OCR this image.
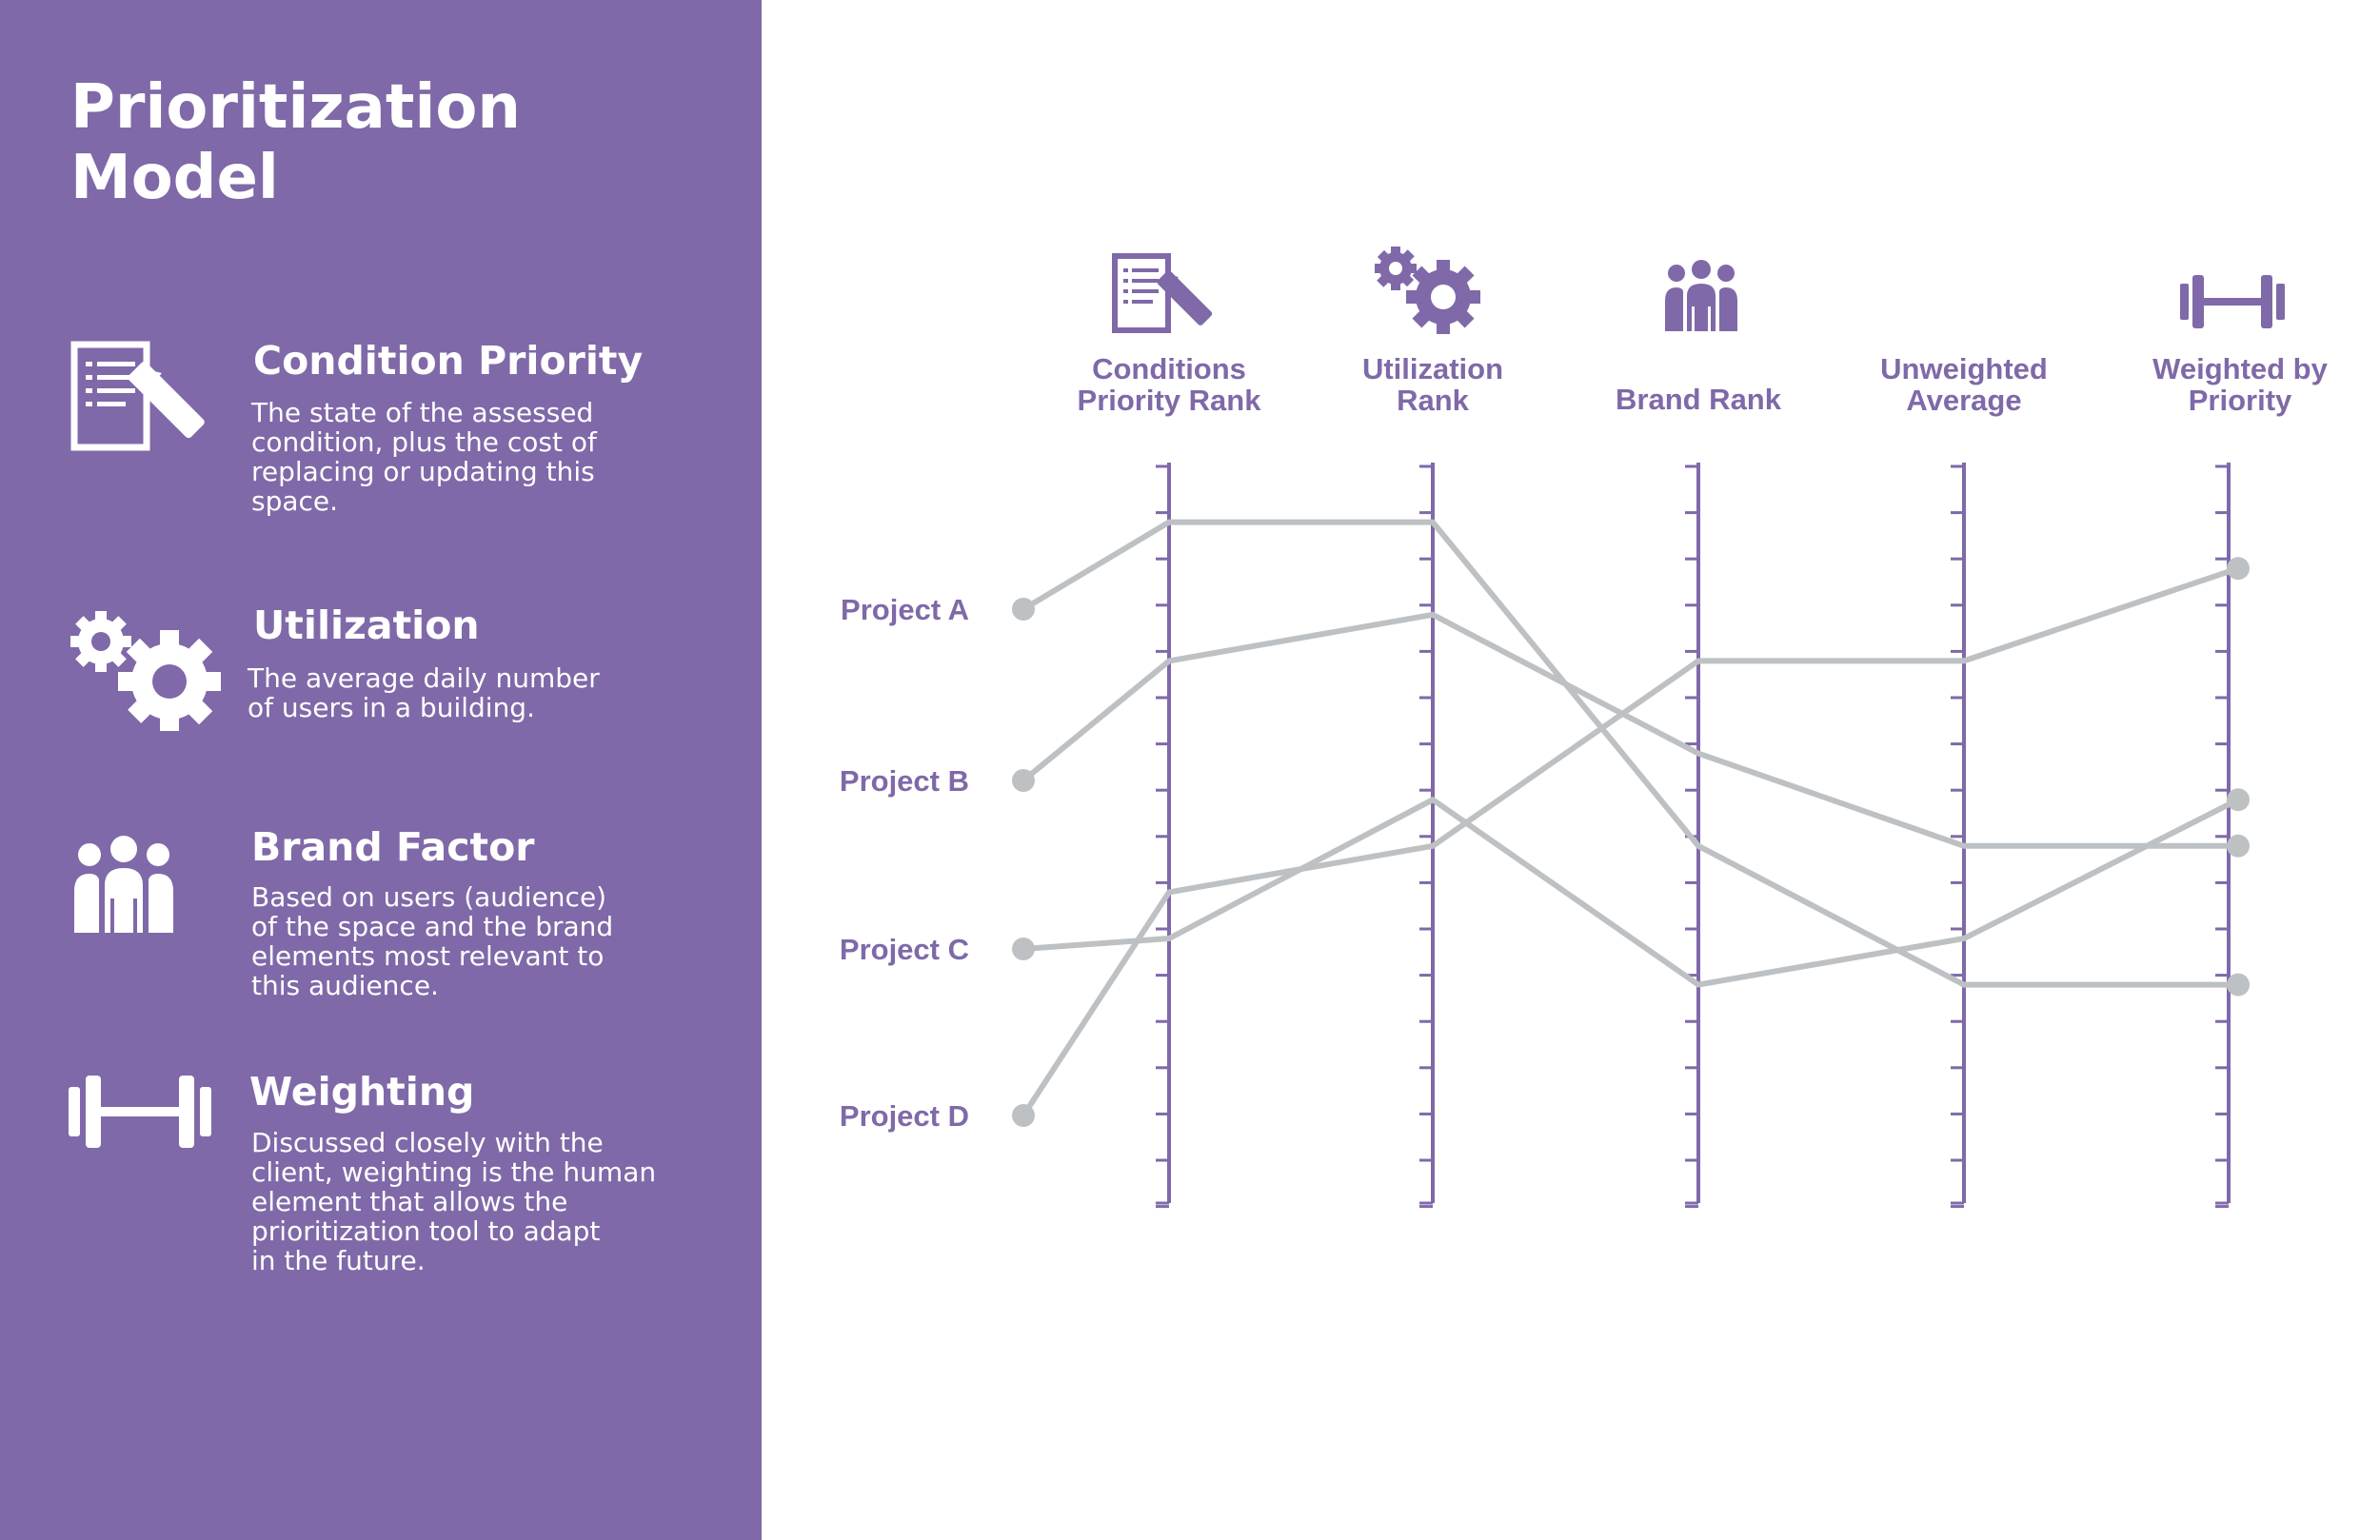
Prioritization
Model
Condition Priority
The state of the assessed
condition, plus the cost of
replacing or updating this
space.
Utilization
The average daily number
of users in a building.
Brand Factor
Based on users (audience)
of the space and the brand
elements most relevant to
this audience.
Weighting
Discussed closely with the
client, weighting is the human
element that allows the
prioritization tool to adapt
in the future.
Conditions Priority Rank
Utilization Rank	Brand Rank
Unweighted Average
Weighted by Priority
Project A
Project B
Project C
Project D
